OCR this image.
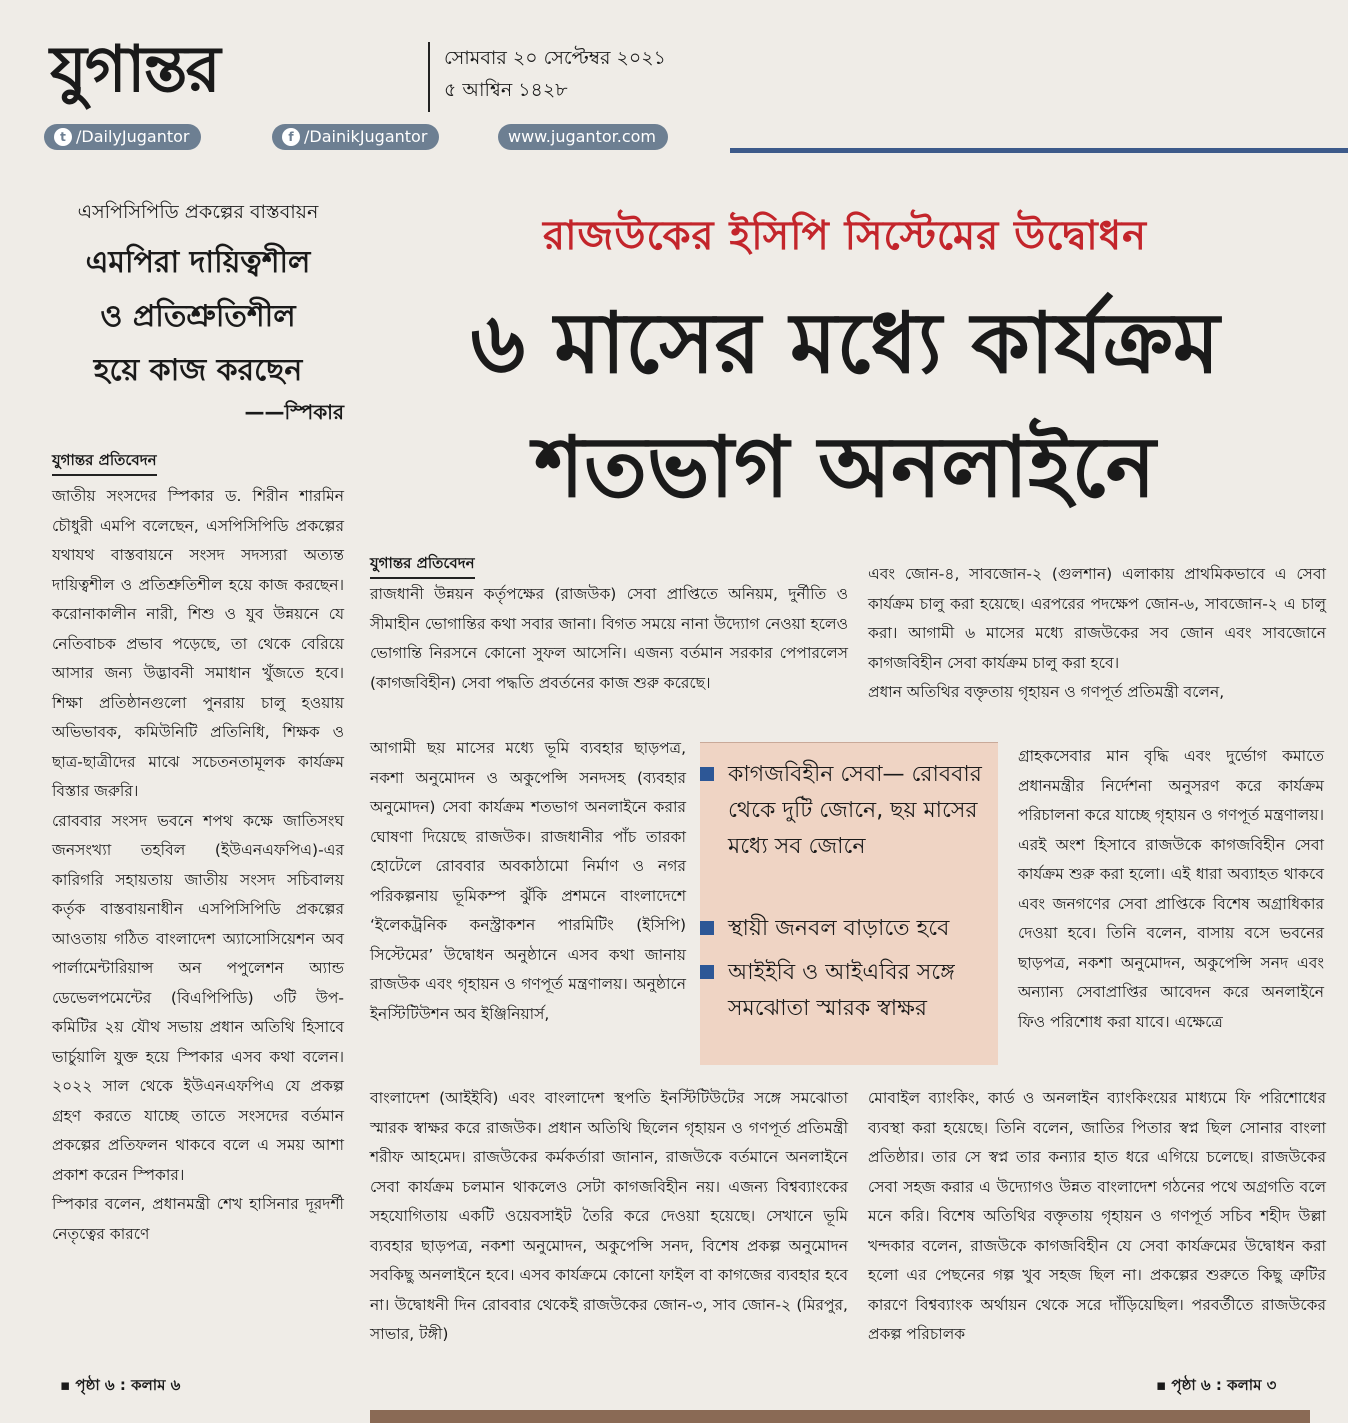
যুগান্তর	সোমবার ২০ সেপ্টেম্বর ২০২১
৫ আশ্বিন ১৪২৮
t /DailyJugantor	f /DainikJugantor	www.jugantor.com

এসপিসিপিডি প্রকল্পের বাস্তবায়ন

এমপিরা দায়িত্বশীল
ও প্রতিশ্রুতিশীল
হয়ে কাজ করছেন

——স্পিকার

যুগান্তর প্রতিবেদন

জাতীয় সংসদের স্পিকার ড. শিরীন শারমিন চৌধুরী এমপি বলেছেন, এসপিসিপিডি প্রকল্পের যথাযথ বাস্তবায়নে সংসদ সদস্যরা অত্যন্ত দায়িত্বশীল ও প্রতিশ্রুতিশীল হয়ে কাজ করছেন। করোনাকালীন নারী, শিশু ও যুব উন্নয়নে যে নেতিবাচক প্রভাব পড়েছে, তা থেকে বেরিয়ে আসার জন্য উদ্ভাবনী সমাধান খুঁজতে হবে। শিক্ষা প্রতিষ্ঠানগুলো পুনরায় চালু হওয়ায় অভিভাবক, কমিউনিটি প্রতিনিধি, শিক্ষক ও ছাত্র-ছাত্রীদের মাঝে সচেতনতামূলক কার্যক্রম বিস্তার জরুরি।

রোববার সংসদ ভবনে শপথ কক্ষে জাতিসংঘ জনসংখ্যা তহবিল (ইউএনএফপিএ)-এর কারিগরি সহায়তায় জাতীয় সংসদ সচিবালয় কর্তৃক বাস্তবায়নাধীন এসপিসিপিডি প্রকল্পের আওতায় গঠিত বাংলাদেশ অ্যাসোসিয়েশন অব পার্লামেন্টারিয়ান্স অন পপুলেশন অ্যান্ড ডেভেলপমেন্টের (বিএপিপিডি) ৩টি উপ-কমিটির ২য় যৌথ সভায় প্রধান অতিথি হিসাবে ভার্চুয়ালি যুক্ত হয়ে স্পিকার এসব কথা বলেন। ২০২২ সাল থেকে ইউএনএফপিএ যে প্রকল্প গ্রহণ করতে যাচ্ছে তাতে সংসদের বর্তমান প্রকল্পের প্রতিফলন থাকবে বলে এ সময় আশা প্রকাশ করেন স্পিকার।

স্পিকার বলেন, প্রধানমন্ত্রী শেখ হাসিনার দূরদর্শী নেতৃত্বের কারণে

▪ পৃষ্ঠা ৬ : কলাম ৬
রাজউকের ইসিপি সিস্টেমের উদ্বোধন
৬ মাসের মধ্যে কার্যক্রম
শতভাগ অনলাইনে
যুগান্তর প্রতিবেদন

রাজধানী উন্নয়ন কর্তৃপক্ষের (রাজউক) সেবা প্রাপ্তিতে অনিয়ম, দুর্নীতি ও সীমাহীন ভোগান্তির কথা সবার জানা। বিগত সময়ে নানা উদ্যোগ নেওয়া হলেও ভোগান্তি নিরসনে কোনো সুফল আসেনি। এজন্য বর্তমান সরকার পেপারলেস (কাগজবিহীন) সেবা পদ্ধতি প্রবর্তনের কাজ শুরু করেছে।

আগামী ছয় মাসের মধ্যে ভূমি ব্যবহার ছাড়পত্র, নকশা অনুমোদন ও অকুপেন্সি সনদসহ (ব্যবহার অনুমোদন) সেবা কার্যক্রম শতভাগ অনলাইনে করার ঘোষণা দিয়েছে রাজউক। রাজধানীর পাঁচ তারকা হোটেলে রোববার অবকাঠামো নির্মাণ ও নগর পরিকল্পনায় ভূমিকম্প ঝুঁকি প্রশমনে বাংলাদেশে ‘ইলেকট্রনিক কনস্ট্রাকশন পারমিটিং (ইসিপি) সিস্টেমের’ উদ্বোধন অনুষ্ঠানে এসব কথা জানায় রাজউক এবং গৃহায়ন ও গণপূর্ত মন্ত্রণালয়। অনুষ্ঠানে ইনস্টিটিউশন অব ইঞ্জিনিয়ার্স,

এবং জোন-৪, সাবজোন-২ (গুলশান) এলাকায় প্রাথমিকভাবে এ সেবা কার্যক্রম চালু করা হয়েছে। এরপরের পদক্ষেপ জোন-৬, সাবজোন-২ এ চালু করা। আগামী ৬ মাসের মধ্যে রাজউকের সব জোন এবং সাবজোনে কাগজবিহীন সেবা কার্যক্রম চালু করা হবে।

প্রধান অতিথির বক্তৃতায় গৃহায়ন ও গণপূর্ত প্রতিমন্ত্রী বলেন,

কাগজবিহীন সেবা— রোববার থেকে দুটি জোনে, ছয় মাসের মধ্যে সব জোনে
স্থায়ী জনবল বাড়াতে হবে
আইইবি ও আইএবির সঙ্গে সমঝোতা স্মারক স্বাক্ষর

গ্রাহকসেবার মান বৃদ্ধি এবং দুর্ভোগ কমাতে প্রধানমন্ত্রীর নির্দেশনা অনুসরণ করে কার্যক্রম পরিচালনা করে যাচ্ছে গৃহায়ন ও গণপূর্ত মন্ত্রণালয়। এরই অংশ হিসাবে রাজউকে কাগজবিহীন সেবা কার্যক্রম শুরু করা হলো। এই ধারা অব্যাহত থাকবে এবং জনগণের সেবা প্রাপ্তিকে বিশেষ অগ্রাধিকার দেওয়া হবে। তিনি বলেন, বাসায় বসে ভবনের ছাড়পত্র, নকশা অনুমোদন, অকুপেন্সি সনদ এবং অন্যান্য সেবাপ্রাপ্তির আবেদন করে অনলাইনে ফিও পরিশোধ করা যাবে। এক্ষেত্রে

বাংলাদেশ (আইইবি) এবং বাংলাদেশ স্থপতি ইনস্টিটিউটের সঙ্গে সমঝোতা স্মারক স্বাক্ষর করে রাজউক। প্রধান অতিথি ছিলেন গৃহায়ন ও গণপূর্ত প্রতিমন্ত্রী শরীফ আহমেদ। রাজউকের কর্মকর্তারা জানান, রাজউকে বর্তমানে অনলাইনে সেবা কার্যক্রম চলমান থাকলেও সেটা কাগজবিহীন নয়। এজন্য বিশ্বব্যাংকের সহযোগিতায় একটি ওয়েবসাইট তৈরি করে দেওয়া হয়েছে। সেখানে ভূমি ব্যবহার ছাড়পত্র, নকশা অনুমোদন, অকুপেন্সি সনদ, বিশেষ প্রকল্প অনুমোদন সবকিছু অনলাইনে হবে। এসব কার্যক্রমে কোনো ফাইল বা কাগজের ব্যবহার হবে না। উদ্বোধনী দিন রোববার থেকেই রাজউকের জোন-৩, সাব জোন-২ (মিরপুর, সাভার, টঙ্গী)

মোবাইল ব্যাংকিং, কার্ড ও অনলাইন ব্যাংকিংয়ের মাধ্যমে ফি পরিশোধের ব্যবস্থা করা হয়েছে। তিনি বলেন, জাতির পিতার স্বপ্ন ছিল সোনার বাংলা প্রতিষ্ঠার। তার সে স্বপ্ন তার কন্যার হাত ধরে এগিয়ে চলেছে। রাজউকের সেবা সহজ করার এ উদ্যোগও উন্নত বাংলাদেশ গঠনের পথে অগ্রগতি বলে মনে করি। বিশেষ অতিথির বক্তৃতায় গৃহায়ন ও গণপূর্ত সচিব শহীদ উল্লা খন্দকার বলেন, রাজউকে কাগজবিহীন যে সেবা কার্যক্রমের উদ্বোধন করা হলো এর পেছনের গল্প খুব সহজ ছিল না। প্রকল্পের শুরুতে কিছু ত্রুটির কারণে বিশ্বব্যাংক অর্থায়ন থেকে সরে দাঁড়িয়েছিল। পরবর্তীতে রাজউকের প্রকল্প পরিচালক

▪ পৃষ্ঠা ৬ : কলাম ৩
